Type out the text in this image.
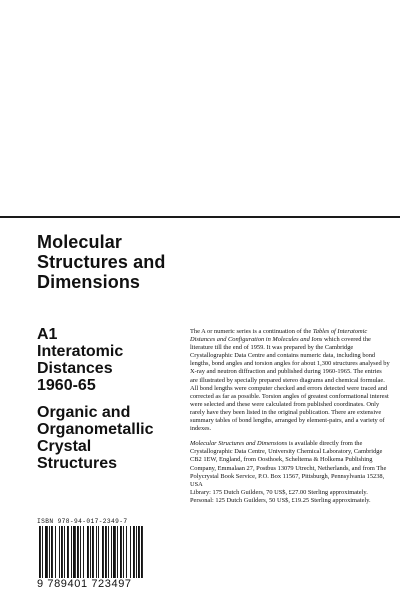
Molecular
Structures and
Dimensions
A1
Interatomic
Distances
1960-65
Organic and
Organometallic
Crystal
Structures

The A or numeric series is a continuation of the Tables of Interatomic Distances and Configuration in Molecules and Ions which covered the literature till the end of 1959. It was prepared by the Cambridge Crystallographic Data Centre and contains numeric data, including bond lengths, bond angles and torsion angles for about 1,300 structures analysed by X-ray and neutron diffraction and published during 1960-1965. The entries are illustrated by specially prepared stereo diagrams and chemical formulae. All bond lengths were computer checked and errors detected were traced and corrected as far as possible. Torsion angles of greatest conformational interest were selected and these were calculated from published coordinates. Only rarely have they been listed in the original publication. There are extensive summary tables of bond lengths, arranged by element-pairs, and a variety of indexes.

Molecular Structures and Dimensions is available directly from the Crystallographic Data Centre, University Chemical Laboratory, Cambridge CB2 1EW, England, from Oosthoek, Scheltema & Holkema Publishing Company, Emmalaan 27, Postbus 13079 Utrecht, Netherlands, and from The Polycrystal Book Service, P.O. Box 11567, Pittsburgh, Pennsylvania 15238, USA

Library: 175 Dutch Guilders, 70 US$, £27.00 Sterling approximately.
Personal: 125 Dutch Guilders, 50 US$, £19.25 Sterling approximately.
ISBN 978-94-017-2349-7
9 789401 723497
